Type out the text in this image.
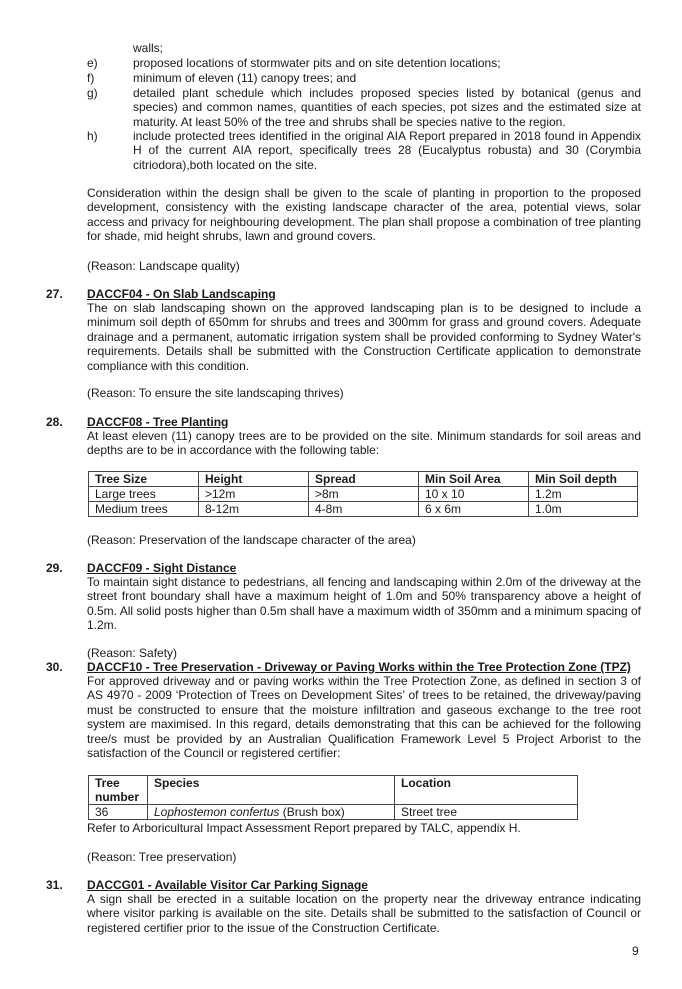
walls;
e)	proposed locations of stormwater pits and on site detention locations;
f)	minimum of eleven (11) canopy trees; and
g)	detailed plant schedule which includes proposed species listed by botanical (genus and species) and common names, quantities of each species, pot sizes and the estimated size at maturity. At least 50% of the tree and shrubs shall be species native to the region.
h)	include protected trees identified in the original AIA Report prepared in 2018 found in Appendix H of the current AIA report, specifically trees 28 (Eucalyptus robusta) and 30 (Corymbia citriodora),both located on the site.
Consideration within the design shall be given to the scale of planting in proportion to the proposed development, consistency with the existing landscape character of the area, potential views, solar access and privacy for neighbouring development. The plan shall propose a combination of tree planting for shade, mid height shrubs, lawn and ground covers.
(Reason: Landscape quality)
27. DACCF04 - On Slab Landscaping
The on slab landscaping shown on the approved landscaping plan is to be designed to include a minimum soil depth of 650mm for shrubs and trees and 300mm for grass and ground covers. Adequate drainage and a permanent, automatic irrigation system shall be provided conforming to Sydney Water's requirements. Details shall be submitted with the Construction Certificate application to demonstrate compliance with this condition.
(Reason: To ensure the site landscaping thrives)
28. DACCF08 - Tree Planting
At least eleven (11) canopy trees are to be provided on the site. Minimum standards for soil areas and depths are to be in accordance with the following table:
Tree Size	Height	Spread	Min Soil Area	Min Soil depth
Large trees	>12m	>8m	10 x 10	1.2m
Medium trees	8-12m	4-8m	6 x 6m	1.0m
(Reason: Preservation of the landscape character of the area)
29. DACCF09 - Sight Distance
To maintain sight distance to pedestrians, all fencing and landscaping within 2.0m of the driveway at the street front boundary shall have a maximum height of 1.0m and 50% transparency above a height of 0.5m. All solid posts higher than 0.5m shall have a maximum width of 350mm and a minimum spacing of 1.2m.
(Reason: Safety)
30. DACCF10 - Tree Preservation - Driveway or Paving Works within the Tree Protection Zone (TPZ)
For approved driveway and or paving works within the Tree Protection Zone, as defined in section 3 of AS 4970 - 2009 ‘Protection of Trees on Development Sites’ of trees to be retained, the driveway/paving must be constructed to ensure that the moisture infiltration and gaseous exchange to the tree root system are maximised. In this regard, details demonstrating that this can be achieved for the following tree/s must be provided by an Australian Qualification Framework Level 5 Project Arborist to the satisfaction of the Council or registered certifier:
Tree number	Species	Location
36	Lophostemon confertus (Brush box)	Street tree
Refer to Arboricultural Impact Assessment Report prepared by TALC, appendix H.
(Reason: Tree preservation)
31. DACCG01 - Available Visitor Car Parking Signage
A sign shall be erected in a suitable location on the property near the driveway entrance indicating where visitor parking is available on the site. Details shall be submitted to the satisfaction of Council or registered certifier prior to the issue of the Construction Certificate.
9
